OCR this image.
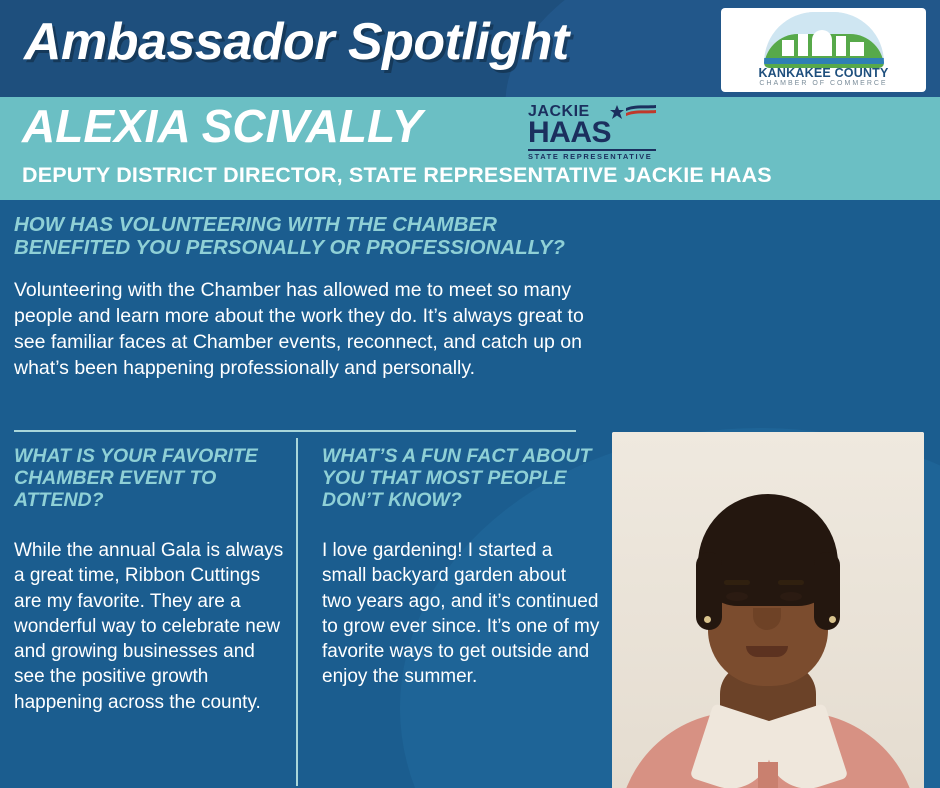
Ambassador Spotlight
KANKAKEE COUNTY
CHAMBER OF COMMERCE
ALEXIA SCIVALLY
DEPUTY DISTRICT DIRECTOR, STATE REPRESENTATIVE JACKIE HAAS
JACKIE
HAAS
STATE REPRESENTATIVE
HOW HAS VOLUNTEERING WITH THE CHAMBER BENEFITED YOU PERSONALLY OR PROFESSIONALLY?
Volunteering with the Chamber has allowed me to meet so many people and learn more about the work they do. It’s always great to see familiar faces at Chamber events, reconnect, and catch up on what’s been happening professionally and personally.
WHAT IS YOUR FAVORITE CHAMBER EVENT TO ATTEND?
While the annual Gala is always a great time, Ribbon Cuttings are my favorite. They are a wonderful way to celebrate new and growing businesses and see the positive growth happening across the county.
WHAT’S A FUN FACT ABOUT YOU THAT MOST PEOPLE DON’T KNOW?
I love gardening! I started a small backyard garden about two years ago, and it’s continued to grow ever since. It’s one of my favorite ways to get outside and enjoy the summer.
